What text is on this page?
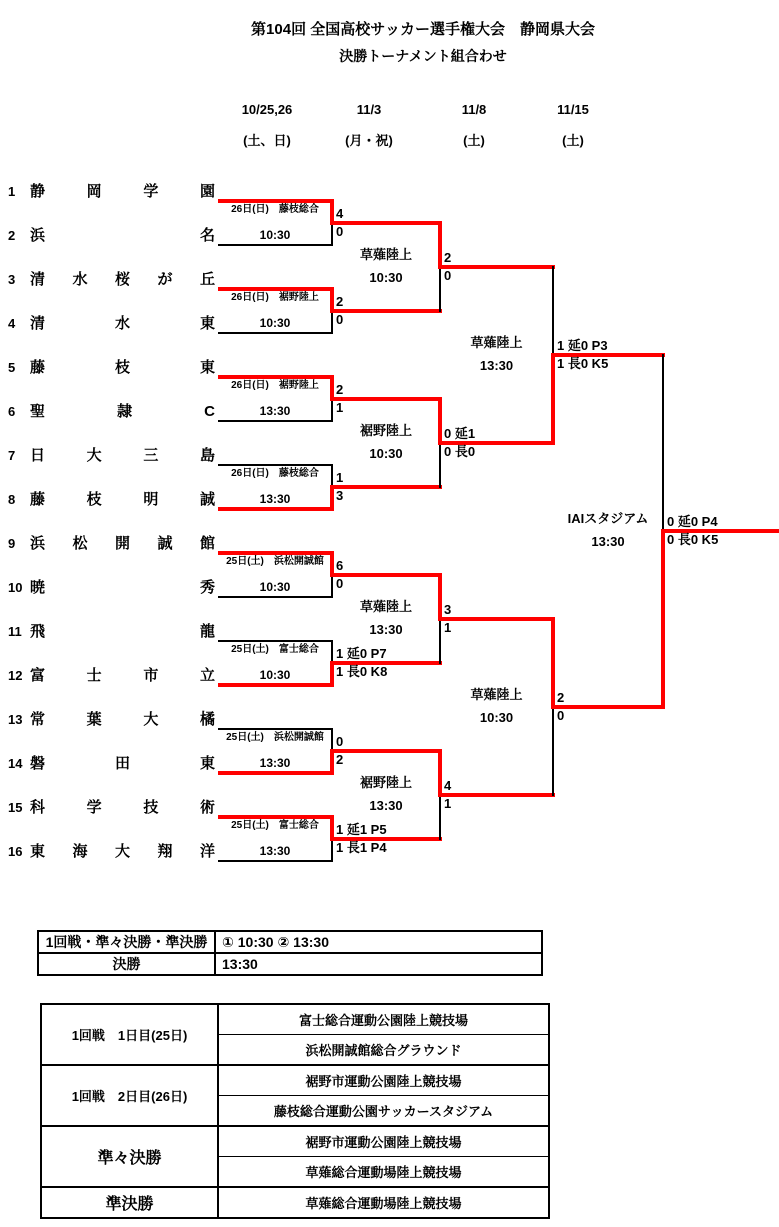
第104回 全国高校サッカー選手権大会　静岡県大会
決勝トーナメント組合わせ
10/25,26
(土、日)
11/3
(月・祝)
11/8
(土)
11/15
(土)
1 静岡学園
2 浜名
3 清水桜が丘
4 清水東
5 藤枝東
6 聖隷C
7 日大三島
8 藤枝明誠
9 浜松開誠館
10 暁秀
11 飛龍
12 富士市立
13 常葉大橘
14 磐田東
15 科学技術
16 東海大翔洋
26日(日)　藤枝総合
10:30
26日(日)　裾野陸上
10:30
26日(日)　裾野陸上
13:30
26日(日)　藤枝総合
13:30
25日(土)　浜松開誠館
10:30
25日(土)　富士総合
10:30
25日(土)　浜松開誠館
13:30
25日(土)　富士総合
13:30
4
0
2
0
2
1
1
3
6
0
1 延0 P7
1 長0 K8
0
2
1 延1 P5
1 長1 P4
草薙陸上
10:30
2
0
裾野陸上
10:30
0 延1
0 長0
草薙陸上
13:30
3
1
裾野陸上
13:30
4
1
草薙陸上
13:30
1 延0 P3
1 長0 K5
草薙陸上
10:30
2
0
IAIスタジアム
13:30
0 延0 P4
0 長0 K5
1回戦・準々決勝・準決勝	① 10:30 ② 13:30
決勝	13:30
1回戦　1日目(25日)	富士総合運動公園陸上競技場
	浜松開誠館総合グラウンド
1回戦　2日目(26日)	裾野市運動公園陸上競技場
	藤枝総合運動公園サッカースタジアム
準々決勝	裾野市運動公園陸上競技場
	草薙総合運動場陸上競技場
準決勝	草薙総合運動場陸上競技場
